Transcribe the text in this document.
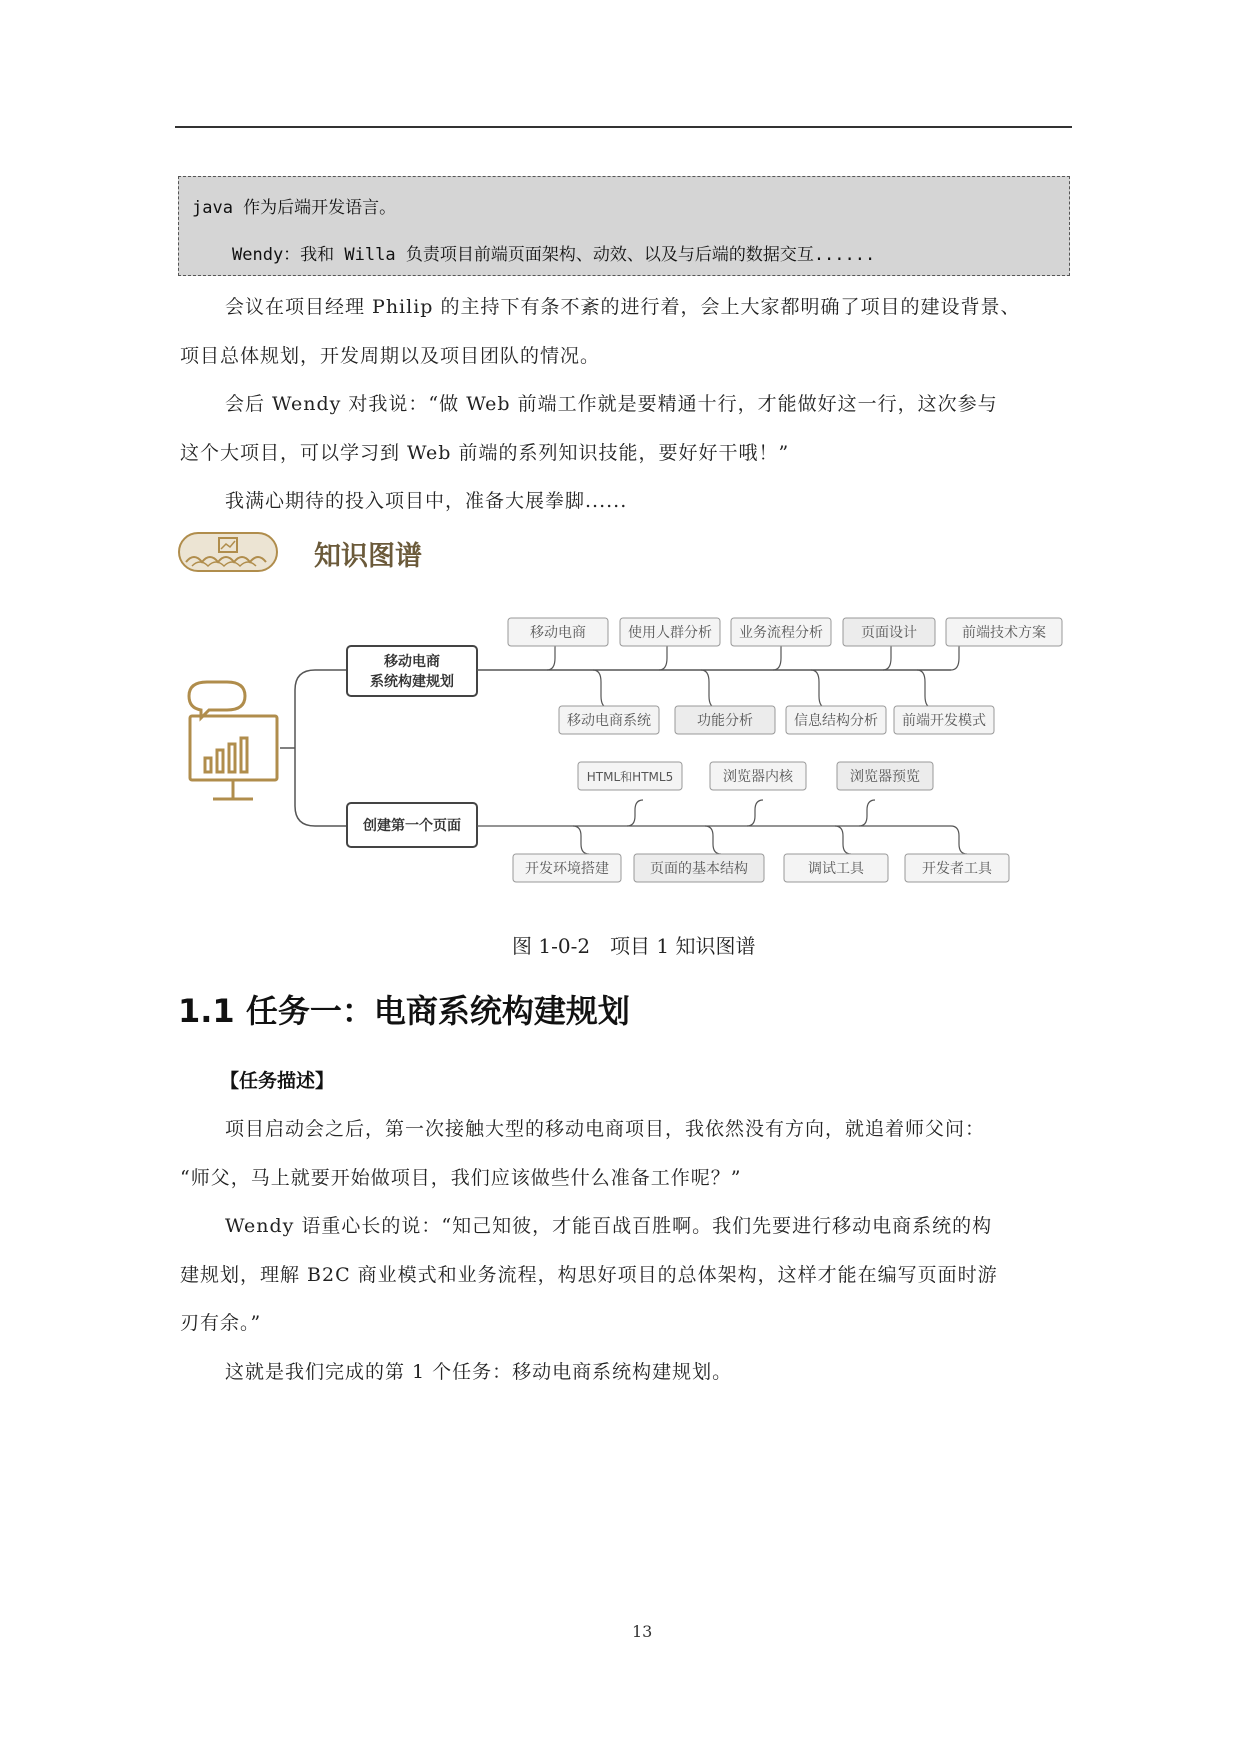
java 作为后端开发语言。
Wendy：我和 Willa 负责项目前端页面架构、动效、以及与后端的数据交互......
会议在项目经理 Philip 的主持下有条不紊的进行着，会上大家都明确了项目的建设背景、
项目总体规划，开发周期以及项目团队的情况。
会后 Wendy 对我说：“做 Web 前端工作就是要精通十行，才能做好这一行，这次参与
这个大项目，可以学习到 Web 前端的系列知识技能，要好好干哦！”
我满心期待的投入项目中，准备大展拳脚......
知识图谱
移动电商
系统构建规划
移动电商	使用人群分析 业务流程分析	页面设计	前端技术方案
移动电商系统	功能分析	信息结构分析 前端开发模式
创建第一个页面
HTML和HTML5	浏览器内核	浏览器预览
开发环境搭建	页面的基本结构	调试工具	开发者工具
图 1-0-2　项目 1 知识图谱
1.1 任务一：电商系统构建规划
【任务描述】
项目启动会之后，第一次接触大型的移动电商项目，我依然没有方向，就追着师父问：
“师父，马上就要开始做项目，我们应该做些什么准备工作呢？”
Wendy 语重心长的说：“知己知彼，才能百战百胜啊。我们先要进行移动电商系统的构
建规划，理解 B2C 商业模式和业务流程，构思好项目的总体架构，这样才能在编写页面时游
刃有余。”
这就是我们完成的第 1 个任务：移动电商系统构建规划。
13
